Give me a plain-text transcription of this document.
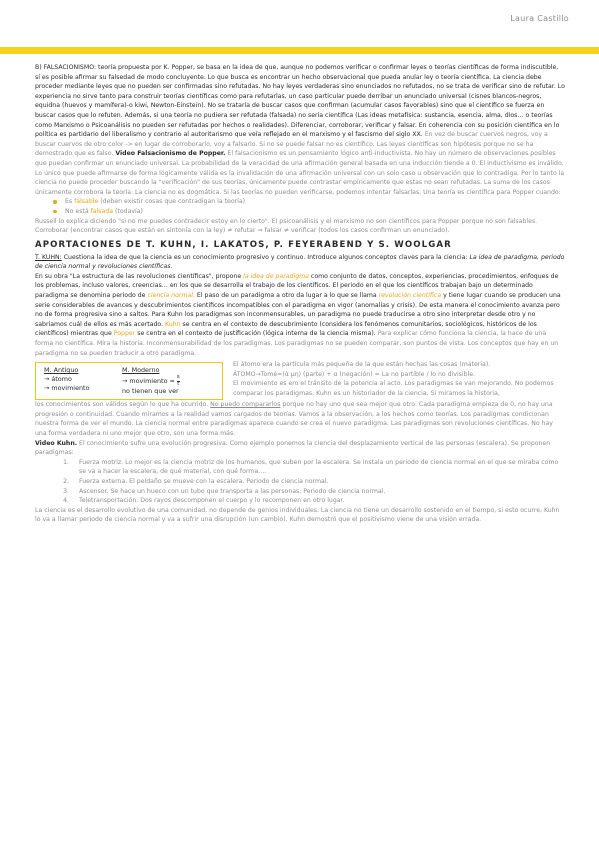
Laura Castillo

B) FALSACIONISMO: teoría propuesta por K. Popper, se basa en la idea de que, aunque no podemos verificar o confirmar leyes o teorías científicas de forma indiscutible, sí es posible afirmar su falsedad de modo concluyente. Lo que busca es encontrar un hecho observacional que pueda anular ley o teoría científica. La ciencia debe proceder mediante leyes que no pueden ser confirmadas sino refutadas. No hay leyes verdaderas sino enunciados no refutados, no se trata de verificar sino de refutar. Lo experiencia no sirve tanto para construir teorías científicas como para refutarlas, un caso particular puede derribar un enunciado universal (cisnes blancos-negros, equidna (huevos y mamífera)-o kiwi, Newton-Einstein). No se trataría de buscar casos que confirman (acumular casos favorables) sino que el científico se fuerza en buscar casos que lo refuten. Además, si una teoría no pudiera ser refutada (falsada) no sería científica (Las ideas metafísica: sustancia, esencia, alma, dios… o teorías como Marxismo o Psicoanálisis no pueden ser refutadas por hechos o realidades). Diferenciar, corroborar, verificar y falsar. En coherencia con su posición científica en lo política es partidario del liberalismo y contrario al autoritarismo que veía reflejado en el marxismo y el fascismo del siglo XX. En vez de buscar cuervos negros, voy a buscar cuervos de otro color -> en lugar de corroborarlo, voy a falsarlo. Si no se puede falsar no es científico. Las leyes científicas son hipótesis porque no se ha demostrado que es falso. Video Falsacionismo de Popper. El falsacionismo es un pensamiento lógico anti-inductivista. No hay un número de observaciones posibles que puedan confirmar un enunciado universal. La probabilidad de la veracidad de una afirmación general basada en una inducción tiende a 0. El inductivismo es inválido. Lo único que puede afirmarse de forma lógicamente válida es la invalidación de una afirmación universal con un solo caso u observación que lo contradiga. Por lo tanto la ciencia no puede proceder buscando la "verificación" de sus teorías, únicamente puede contrastar empíricamente que estas no sean refutadas. La suma de los casos únicamente corrobora la teoría. La ciencia no es dogmática. Si las teorías no pueden verificarse, podemos intentar falsarlas. Una teoría es científica para Popper cuando:

Es falsable (deben existir cosas que contradigan la teoría)
No está falsada (todavía)

Russell lo explica diciendo "si no me puedes contradecir estoy en lo cierto". El psicoanálisis y el marxismo no son científicos para Popper porque no son falsables. Corroborar (encontrar casos que están en sintonía con la ley) ≠ refutar ⇒ falsar ≠ verificar (todos los casos confirman un enunciado).

APORTACIONES DE T. KUHN, I. LAKATOS, P. FEYERABEND Y S. WOOLGAR

T. KUHN: Cuestiona la idea de que la ciencia es un conocimiento progresivo y continuo. Introduce algunos conceptos claves para la ciencia: La idea de paradigma, periodo de ciencia normal y revoluciones científicas.

En su obra "La estructura de las revoluciones científicas", propone la idea de paradigma como conjunto de datos, conceptos, experiencias, procedimientos, enfoques de los problemas, incluso valores, creencias… en los que se desarrolla el trabajo de los científicos. El periodo en el que los científicos trabajan bajo un determinado paradigma se denomina periodo de ciencia normal. El paso de un paradigma a otro da lugar a lo que se llama revolución científica y tiene lugar cuando se producen una serie considerables de avances y descubrimientos científicos incompatibles con el paradigma en vigor (anomalías y crisis). De esta manera el conocimiento avanza pero no de forma progresiva sino a saltos. Para Kuhn los paradigmas son inconmensurables, un paradigma no puede traducirse a otro sino interpretar desde otro y no sabríamos cuál de ellos es más acertado. Kuhn se centra en el contexto de descubrimiento (considera los fenómenos comunitarios, sociológicos, históricos de los científicos) mientras que Popper se centra en el contexto de justificación (lógica interna de la ciencia misma). Para explicar cómo funciona la ciencia, la hace de una forma no científica. Mira la historia. Inconmensurabilidad de los paradigmas. Los paradigmas no se pueden comparar, son puntos de vista. Los conceptos que hay en un paradigma no se pueden traducir a otro paradigma.

M. Antiguo
→ átomo
→ movimiento
M. Moderno
→ movimiento = $\frac{s}{t}$
no tienen que ver

El átomo era la partícula más pequeña de la que están hechas las cosas (materia).

ÁTOMO→Tomé=(ἀ μη) (parte) + α (negación) = La no partible / lo no divisible.

El movimiento es ero el tránsito de la potencia al acto. Los paradigmas se van mejorando. No podemos comparar los paradigmas. Kuhn es un historiador de la ciencia. Si miramos la historia,

los conocimientos son válidos según lo que ha ocurrido. No puedo compararlos porque no hay uno que sea mejor que otro. Cada paradigma empieza de 0, no hay una progresión o continuidad. Cuando miramos a la realidad vamos cargados de teorías. Vamos a la observación, a los hechos como teorías. Los paradigmas condicionan nuestra forma de ver el mundo. La ciencia normal entre paradigmas aparece cuando se crea el nuevo paradigma. Las paradigmas son revoluciones científicas. No hay una forma verdadera ni uno mejor que otro, son una forma más.

Video Kuhn. El conocimiento sufre una evolución progresiva. Como ejemplo ponemos la ciencia del desplazamiento vertical de las personas (escalera). Se proponen paradigmas:

1. Fuerza motriz. Lo mejor es la ciencia motriz de los humanos, que suben por la escalera. Se instala un periodo de ciencia normal en el que se miraba como se va a hacer la escalera, de qué material, con qué forma….
2. Fuerza externa. El peldaño se mueve con la escalera. Periodo de ciencia normal.
3. Ascensor. Se hace un hueco con un tubo que transporta a las personas. Periodo de ciencia normal.
4. Teletransportación. Dos rayos descomponen el cuerpo y lo recomponen en otro lugar.

La ciencia es el desarrollo evolutivo de una comunidad, no depende de genios individuales. La ciencia no tiene un desarrollo sostenido en el tiempo, si esto ocurre, Kuhn lo va a llamar periodo de ciencia normal y va a sufrir una disrupción (un cambio). Kuhn demostró que el positivismo viene de una visión errada.
